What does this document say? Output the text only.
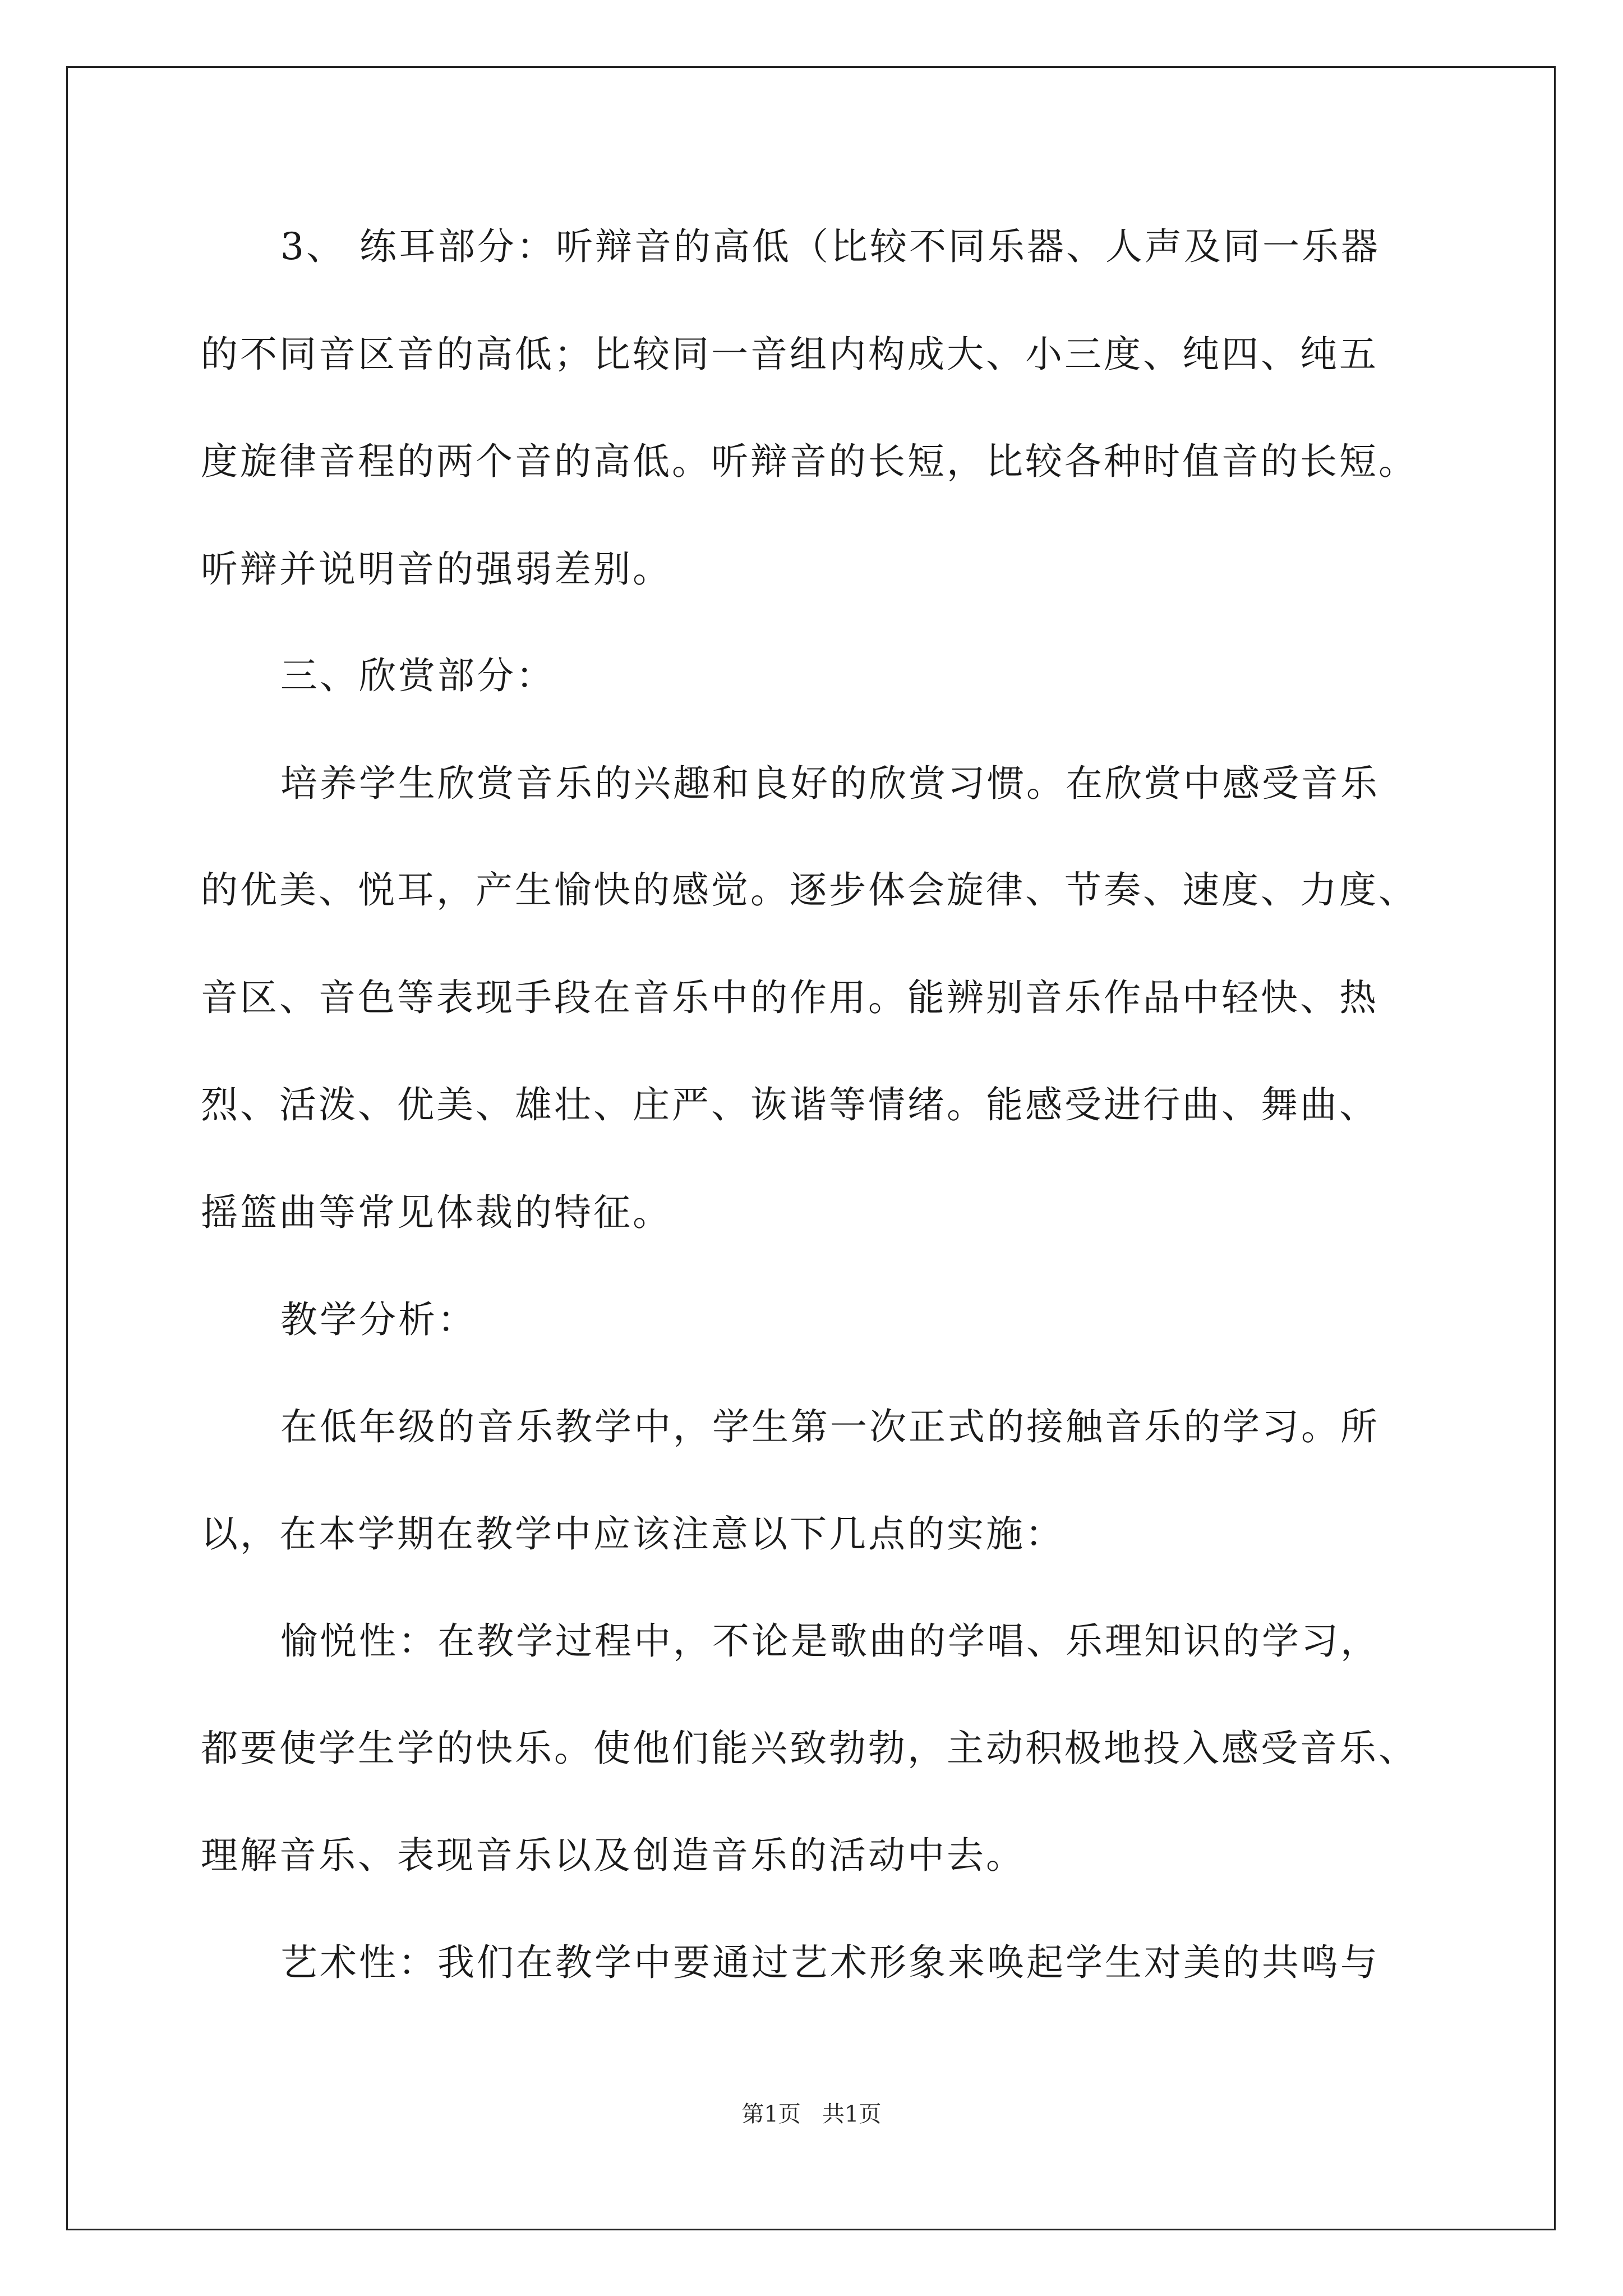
3、 练耳部分：听辩音的高低（比较不同乐器、人声及同一乐器
的不同音区音的高低；比较同一音组内构成大、小三度、纯四、纯五
度旋律音程的两个音的高低。听辩音的长短，比较各种时值音的长短。
听辩并说明音的强弱差别。
三、欣赏部分：
培养学生欣赏音乐的兴趣和良好的欣赏习惯。在欣赏中感受音乐
的优美、悦耳，产生愉快的感觉。逐步体会旋律、节奏、速度、力度、
音区、音色等表现手段在音乐中的作用。能辨别音乐作品中轻快、热
烈、活泼、优美、雄壮、庄严、诙谐等情绪。能感受进行曲、舞曲、
摇篮曲等常见体裁的特征。
教学分析：
在低年级的音乐教学中，学生第一次正式的接触音乐的学习。所
以，在本学期在教学中应该注意以下几点的实施：
愉悦性：在教学过程中，不论是歌曲的学唱、乐理知识的学习，
都要使学生学的快乐。使他们能兴致勃勃，主动积极地投入感受音乐、
理解音乐、表现音乐以及创造音乐的活动中去。
艺术性：我们在教学中要通过艺术形象来唤起学生对美的共鸣与
第1页   共1页
